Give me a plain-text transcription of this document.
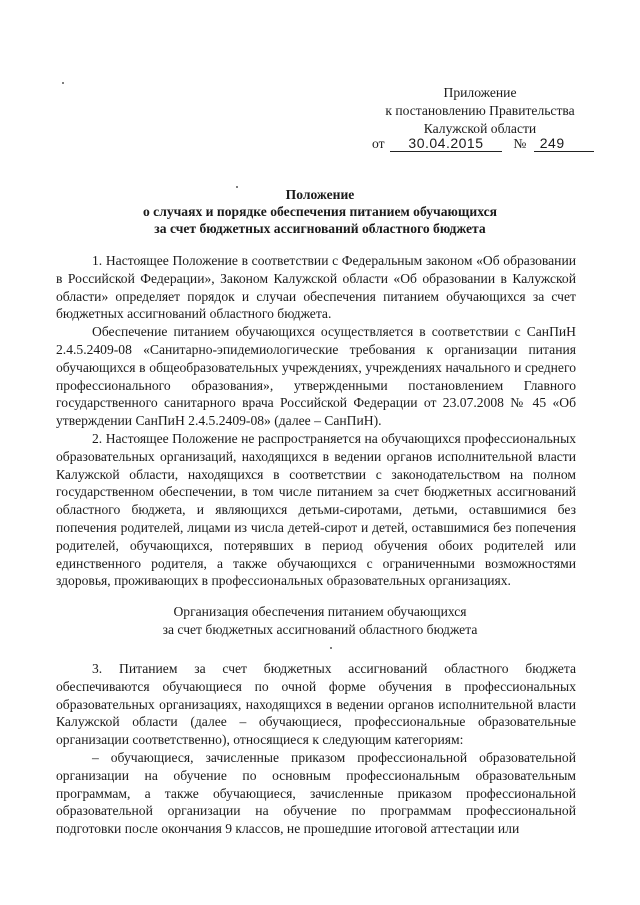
Приложение
к постановлению Правительства
Калужской области
от 30.04.2015 № 249
Положение
о случаях и порядке обеспечения питанием обучающихся
за счет бюджетных ассигнований областного бюджета

1. Настоящее Положение в соответствии с Федеральным законом «Об образовании в Российской Федерации», Законом Калужской области «Об образовании в Калужской области» определяет порядок и случаи обеспечения питанием обучающихся за счет бюджетных ассигнований областного бюджета.

Обеспечение питанием обучающихся осуществляется в соответствии с СанПиН 2.4.5.2409-08 «Санитарно-эпидемиологические требования к организации питания обучающихся в общеобразовательных учреждениях, учреждениях начального и среднего профессионального образования», утвержденными постановлением Главного государственного санитарного врача Российской Федерации от 23.07.2008 № 45 «Об утверждении СанПиН 2.4.5.2409-08» (далее – СанПиН).

2. Настоящее Положение не распространяется на обучающихся профессиональных образовательных организаций, находящихся в ведении органов исполнительной власти Калужской области, находящихся в соответствии с законодательством на полном государственном обеспечении, в том числе питанием за счет бюджетных ассигнований областного бюджета, и являющихся детьми-сиротами, детьми, оставшимися без попечения родителей, лицами из числа детей-сирот и детей, оставшимися без попечения родителей, обучающихся, потерявших в период обучения обоих родителей или единственного родителя, а также обучающихся с ограниченными возможностями здоровья, проживающих в профессиональных образовательных организациях.

Организация обеспечения питанием обучающихся
за счет бюджетных ассигнований областного бюджета

3. Питанием за счет бюджетных ассигнований областного бюджета обеспечиваются обучающиеся по очной форме обучения в профессиональных образовательных организациях, находящихся в ведении органов исполнительной власти Калужской области (далее – обучающиеся, профессиональные образовательные организации соответственно), относящиеся к следующим категориям:

– обучающиеся, зачисленные приказом профессиональной образовательной организации на обучение по основным профессиональным образовательным программам, а также обучающиеся, зачисленные приказом профессиональной образовательной организации на обучение по программам профессиональной подготовки после окончания 9 классов, не прошедшие итоговой аттестации или
